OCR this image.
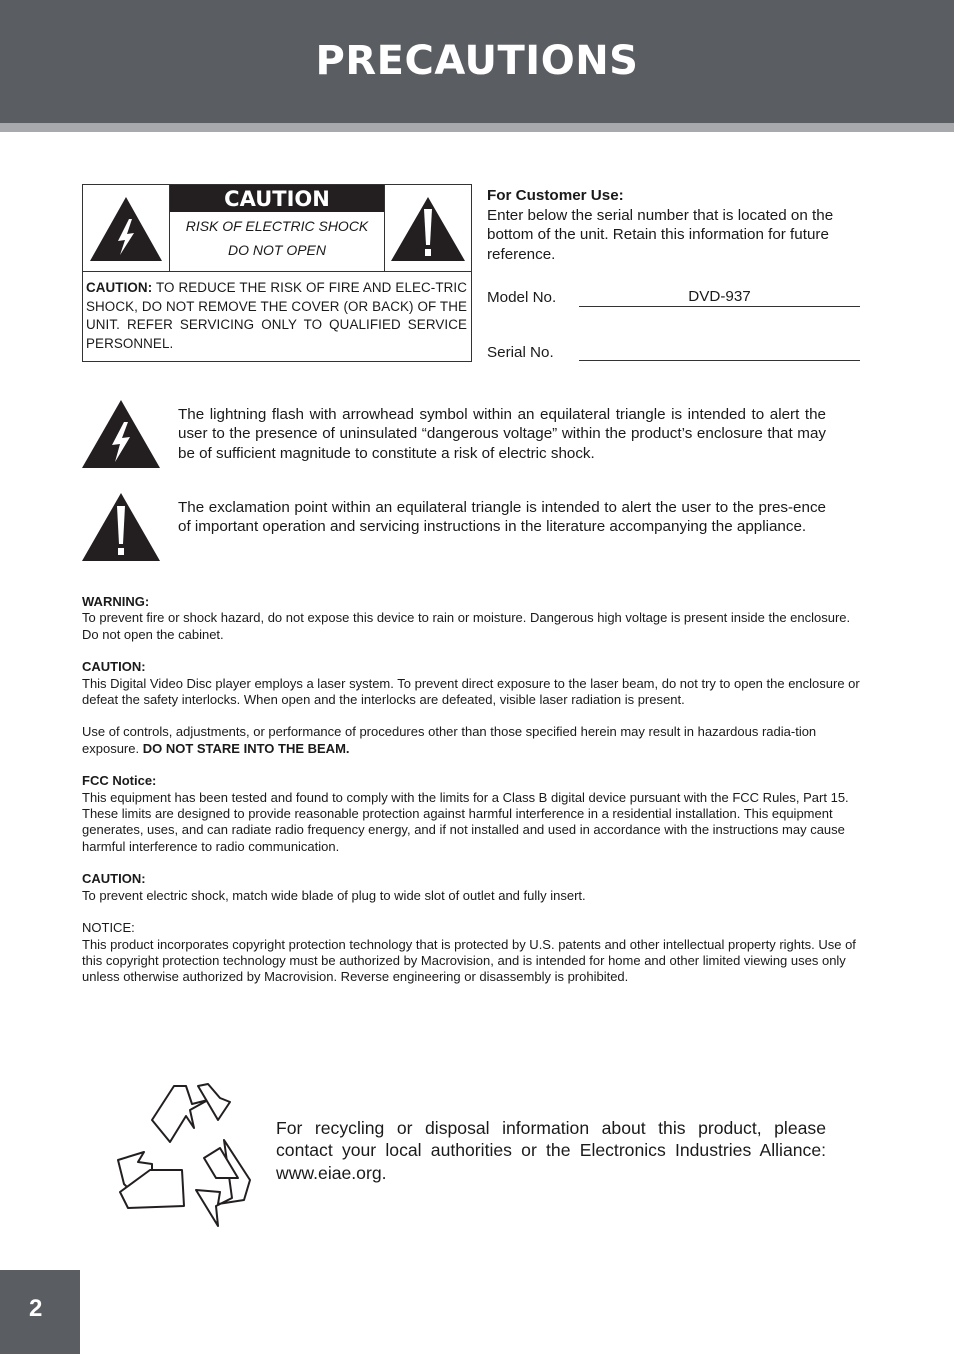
PRECAUTIONS
CAUTION
RISK OF ELECTRIC SHOCK
DO NOT OPEN
CAUTION: TO REDUCE THE RISK OF FIRE AND ELEC-TRIC SHOCK, DO NOT REMOVE THE COVER (OR BACK) OF THE UNIT. REFER SERVICING ONLY TO QUALIFIED SERVICE PERSONNEL.
For Customer Use:
Enter below the serial number that is located on the bottom of the unit. Retain this information for future reference.
Model No.	DVD-937
Serial No.
The lightning flash with arrowhead symbol within an equilateral triangle is intended to alert the user to the presence of uninsulated “dangerous voltage” within the product’s enclosure that may be of sufficient magnitude to constitute a risk of electric shock.
The exclamation point within an equilateral triangle is intended to alert the user to the pres-ence of important operation and servicing instructions in the literature accompanying the appliance.
WARNING:

To prevent fire or shock hazard, do not expose this device to rain or moisture. Dangerous high voltage is present inside the enclosure. Do not open the cabinet.

CAUTION:

This Digital Video Disc player employs a laser system. To prevent direct exposure to the laser beam, do not try to open the enclosure or defeat the safety interlocks. When open and the interlocks are defeated, visible laser radiation is present.

Use of controls, adjustments, or performance of procedures other than those specified herein may result in hazardous radia-tion exposure. DO NOT STARE INTO THE BEAM.

FCC Notice:

This equipment has been tested and found to comply with the limits for a Class B digital device pursuant with the FCC Rules, Part 15. These limits are designed to provide reasonable protection against harmful interference in a residential installation. This equipment generates, uses, and can radiate radio frequency energy, and if not installed and used in accordance with the instructions may cause harmful interference to radio communication.

CAUTION:

To prevent electric shock, match wide blade of plug to wide slot of outlet and fully insert.

NOTICE:

This product incorporates copyright protection technology that is protected by U.S. patents and other intellectual property rights. Use of this copyright protection technology must be authorized by Macrovision, and is intended for home and other limited viewing uses only unless otherwise authorized by Macrovision. Reverse engineering or disassembly is prohibited.

For recycling or disposal information about this product, please contact your local authorities or the Electronics Industries Alliance: www.eiae.org.
2
